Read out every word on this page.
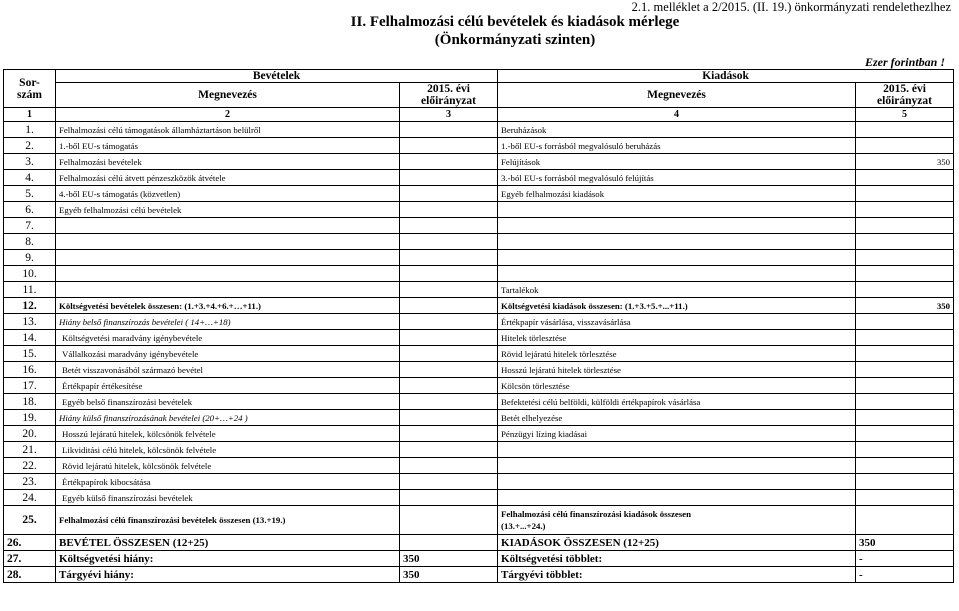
2.1. melléklet a 2/2015. (II. 19.) önkormányzati rendelethezlhez
II. Felhalmozási célú bevételek és kiadások mérlege
(Önkormányzati szinten)
Ezer forintban !
Sor-szám	Bevételek		Kiadások	
	Megnevezés	2015. évi előirányzat	Megnevezés	2015. évi előirányzat
1	2	3	4	5
1.	Felhalmozási célú támogatások államháztartáson belülről		Beruházások	
2.	1.-ből EU-s támogatás		1.-ből EU-s forrásból megvalósuló beruházás	
3.	Felhalmozási bevételek		Felújítások	350
4.	Felhalmozási célú átvett pénzeszközök átvétele		3.-ból EU-s forrásból megvalósuló felújítás	
5.	4.-ből EU-s támogatás (közvetlen)		Egyéb felhalmozási kiadások	
6.	Egyéb felhalmozási célú bevételek			
7.				
8.				
9.				
10.				
11.			Tartalékok	
12.	Költségvetési bevételek összesen: (1.+3.+4.+6.+…+11.)		Költségvetési kiadások összesen: (1.+3.+5.+...+11.)	350
13.	Hiány belső finanszírozás bevételei ( 14+…+18)		Értékpapír vásárlása, visszavásárlása	
14.	Költségvetési maradvány igénybevétele		Hitelek törlesztése	
15.	Vállalkozási maradvány igénybevétele		Rövid lejáratú hitelek törlesztése	
16.	Betét visszavonásából származó bevétel		Hosszú lejáratú hitelek törlesztése	
17.	Értékpapír értékesítése		Kölcsön törlesztése	
18.	Egyéb belső finanszírozási bevételek		Befektetési célú belföldi, külföldi értékpapírok vásárlása	
19.	Hiány külső finanszírozásának bevételei (20+…+24 )		Betét elhelyezése	
20.	Hosszú lejáratú hitelek, kölcsönök felvétele		Pénzügyi lízing kiadásai	
21.	Likviditási célú hitelek, kölcsönök felvétele			
22.	Rövid lejáratú hitelek, kölcsönök felvétele			
23.	Értékpapírok kibocsátása			
24.	Egyéb külső finanszírozási bevételek			
25.	Felhalmozási célú finanszírozási bevételek összesen (13.+19.)		Felhalmozási célú finanszírozási kiadások összesen
(13.+...+24.)	

26.	BEVÉTEL ÖSSZESEN (12+25)		KIADÁSOK ÖSSZESEN (12+25)	350
27.	Költségvetési hiány:	350	Költségvetési többlet:	-
28.	Tárgyévi hiány:	350	Tárgyévi többlet:	-
